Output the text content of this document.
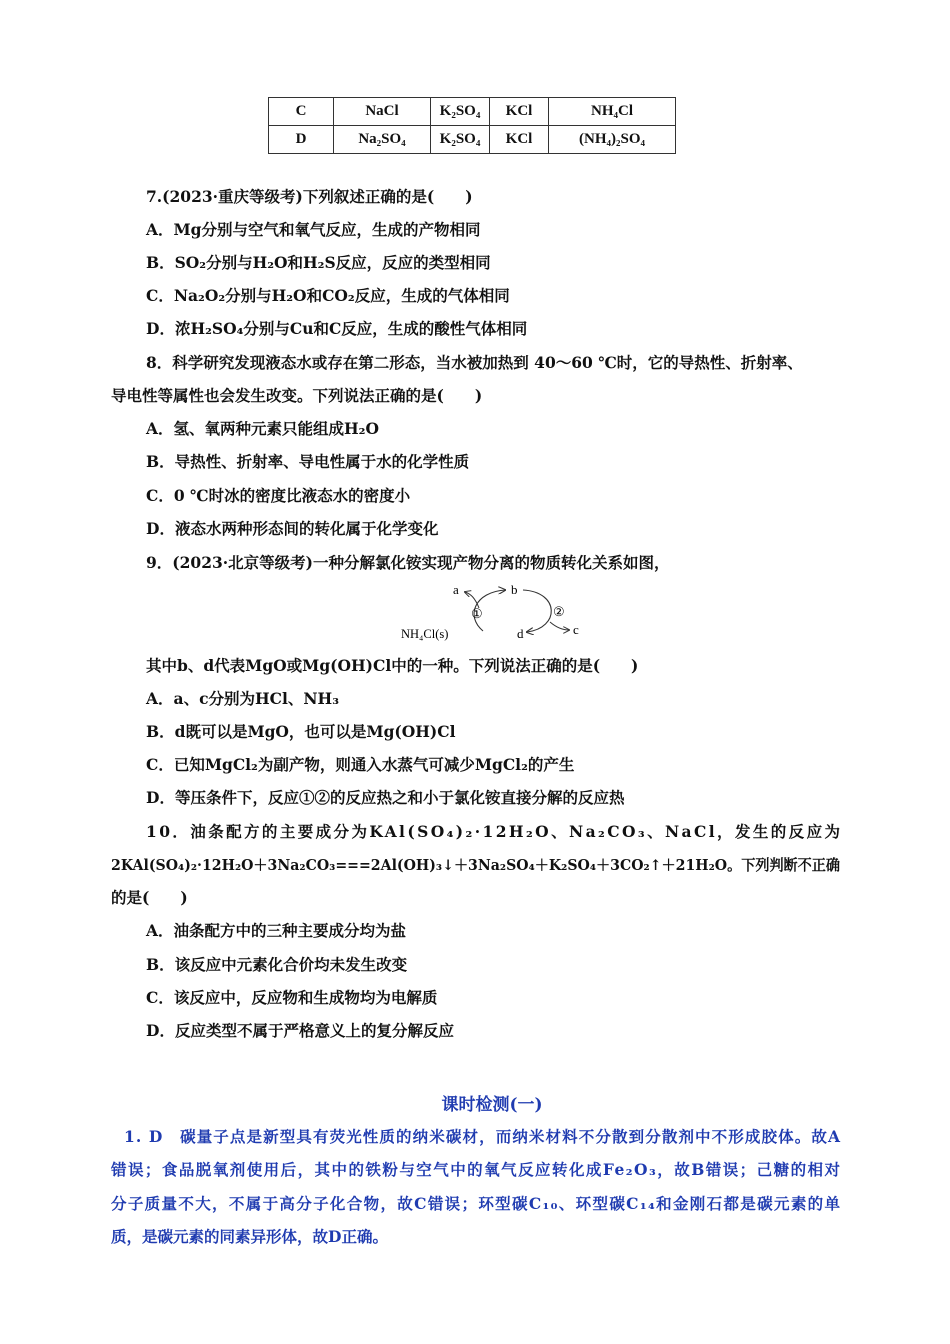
C	NaCl	K₂SO₄	KCl	NH₄Cl
D	Na₂SO₄	K₂SO₄	KCl	(NH₄)₂SO₄
7.(2023·重庆等级考)下列叙述正确的是(　　)
A．Mg分别与空气和氧气反应，生成的产物相同
B．SO₂分别与H₂O和H₂S反应，反应的类型相同
C．Na₂O₂分别与H₂O和CO₂反应，生成的气体相同
D．浓H₂SO₄分别与Cu和C反应，生成的酸性气体相同
8．科学研究发现液态水或存在第二形态，当水被加热到 40～60 ℃时，它的导热性、折射率、
导电性等属性也会发生改变。下列说法正确的是(　　)
A．氢、氧两种元素只能组成H₂O
B．导热性、折射率、导电性属于水的化学性质
C．0 ℃时冰的密度比液态水的密度小
D．液态水两种形态间的转化属于化学变化
9．(2023·北京等级考)一种分解氯化铵实现产物分离的物质转化关系如图，
a	b
c
d
①	②
NH₄Cl(s)
其中b、d代表MgO或Mg(OH)Cl中的一种。下列说法正确的是(　　)
A．a、c分别为HCl、NH₃
B．d既可以是MgO，也可以是Mg(OH)Cl
C．已知MgCl₂为副产物，则通入水蒸气可减少MgCl₂的产生
D．等压条件下，反应①②的反应热之和小于氯化铵直接分解的反应热
10．油条配方的主要成分为KAl(SO₄)₂·12H₂O、Na₂CO₃、NaCl，发生的反应为
2KAl(SO₄)₂·12H₂O＋3Na₂CO₃===2Al(OH)₃↓＋3Na₂SO₄＋K₂SO₄＋3CO₂↑＋21H₂O。下列判断不正确
的是(　　)
A．油条配方中的三种主要成分均为盐
B．该反应中元素化合价均未发生改变
C．该反应中，反应物和生成物均为电解质
D．反应类型不属于严格意义上的复分解反应
课时检测(一)
1. D　碳量子点是新型具有荧光性质的纳米碳材，而纳米材料不分散到分散剂中不形成胶体。故A
错误；食品脱氧剂使用后，其中的铁粉与空气中的氧气反应转化成Fe₂O₃，故B错误；己糖的相对
分子质量不大，不属于高分子化合物，故C错误；环型碳C₁₀、环型碳C₁₄和金刚石都是碳元素的单
质，是碳元素的同素异形体，故D正确。
